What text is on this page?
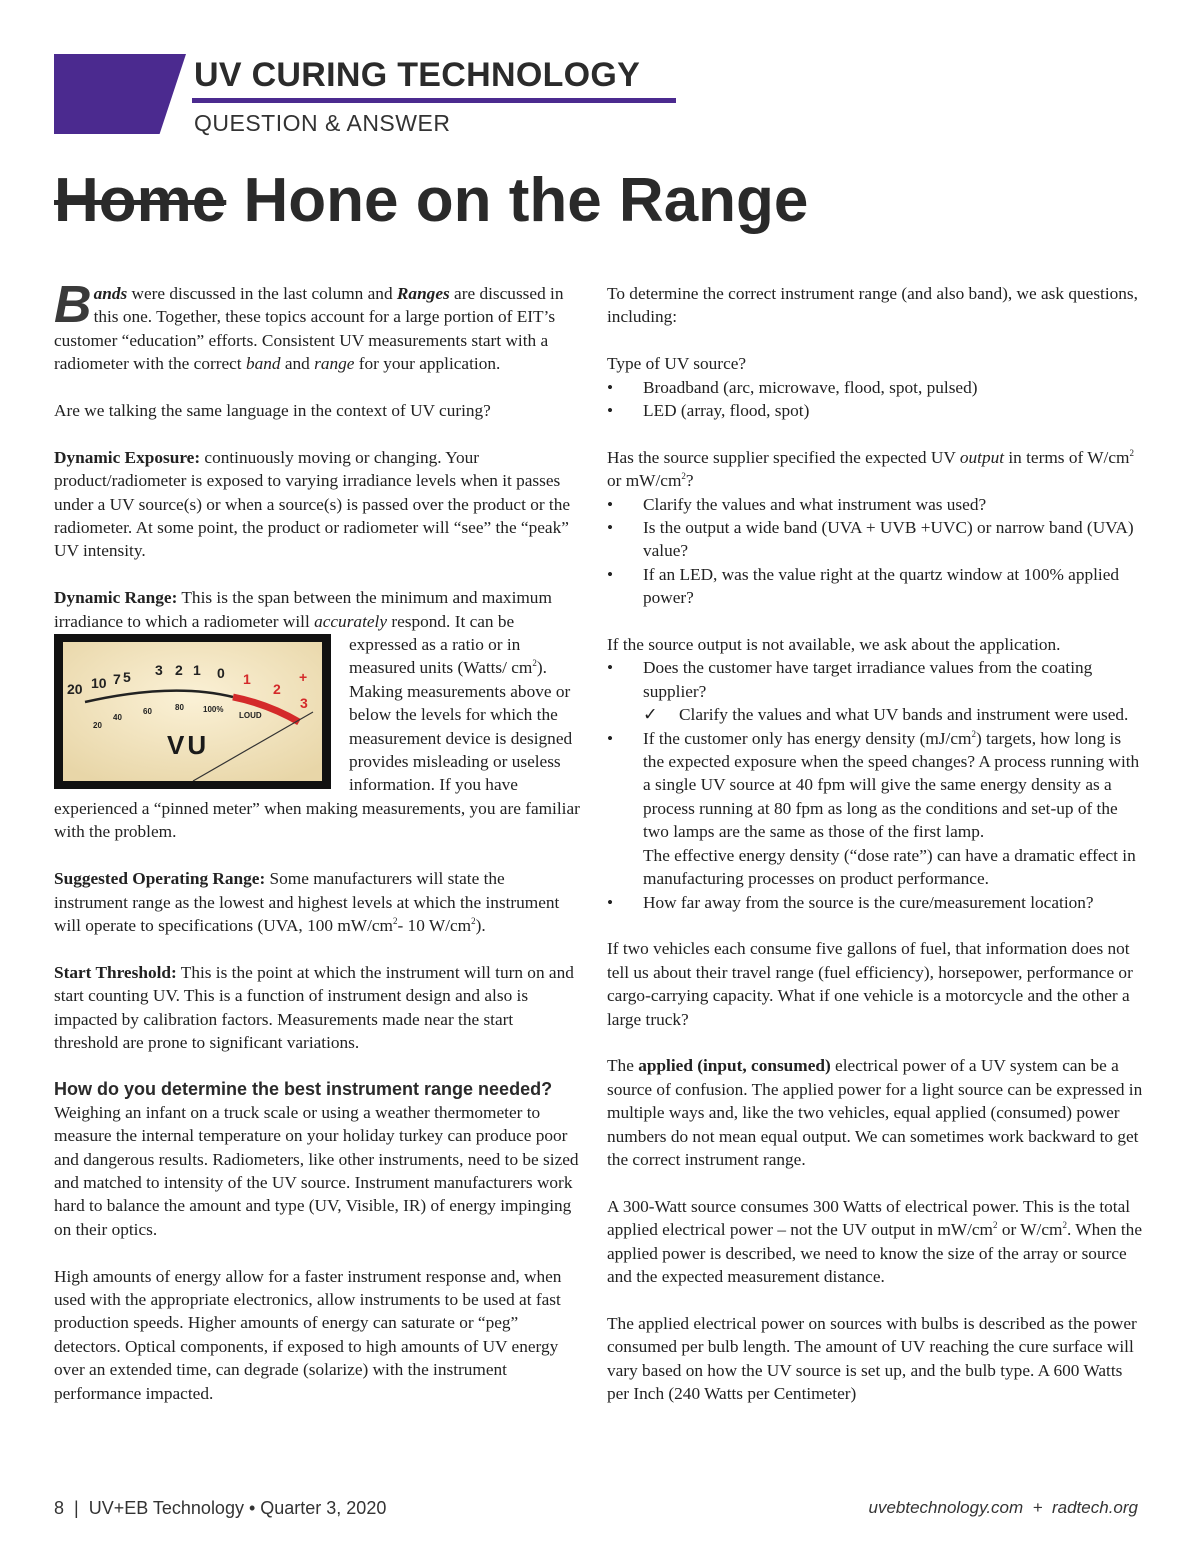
UV CURING TECHNOLOGY
QUESTION & ANSWER
Home Hone on the Range

Bands were discussed in the last column and Ranges are discussed in this one. Together, these topics account for a large portion of EIT’s customer “education” efforts. Consistent UV measurements start with a radiometer with the correct band and range for your application.

Are we talking the same language in the context of UV curing?

Dynamic Exposure: continuously moving or changing. Your product/radiometer is exposed to varying irradiance levels when it passes under a UV source(s) or when a source(s) is passed over the product or the radiometer. At some point, the product or radiometer will “see” the “peak” UV intensity.

Dynamic Range: This is the span between the minimum and maximum irradiance to which a radiometer will accurately
20 10 7 5 3 2 1 0 1
2
+
3
20
40
60	80 100%
LOUD
VU
respond. It can be expressed as a ratio or in measured units (Watts/ $cm^2$). Making measurements above or below the levels for which the measurement device is designed provides misleading or useless information. If you have experienced a “pinned meter” when making measurements, you are familiar with the problem.

Suggested Operating Range: Some manufacturers will state the instrument range as the lowest and highest levels at which the instrument will operate to specifications (UVA, 100 $mW/cm^2-$ 10 $W/cm^2$).

Start Threshold: This is the point at which the instrument will turn on and start counting UV. This is a function of instrument design and also is impacted by calibration factors. Measurements made near the start threshold are prone to significant variations.

How do you determine the best instrument range needed?

Weighing an infant on a truck scale or using a weather thermometer to measure the internal temperature on your holiday turkey can produce poor and dangerous results. Radiometers, like other instruments, need to be sized and matched to intensity of the UV source. Instrument manufacturers work hard to balance the amount and type (UV, Visible, IR) of energy impinging on their optics.

High amounts of energy allow for a faster instrument response and, when used with the appropriate electronics, allow instruments to be used at fast production speeds. Higher amounts of energy can saturate or “peg” detectors. Optical components, if exposed to high amounts of UV energy over an extended time, can degrade (solarize) with the instrument performance impacted.

To determine the correct instrument range (and also band), we ask questions, including:

Type of UV source?
• Broadband (arc, microwave, flood, spot, pulsed)
• LED (array, flood, spot)
Has the source supplier specified the expected UV output in terms of $W/cm^2$ or $mW/cm^2$?
• Clarify the values and what instrument was used?
• Is the output a wide band (UVA + UVB +UVC) or narrow band (UVA) value?
• If an LED, was the value right at the quartz window at 100% applied power?
If the source output is not available, we ask about the application.
• Does the customer have target irradiance values from the coating supplier?
✓ Clarify the values and what UV bands and instrument were used.
• If the customer only has energy density $(mJ/cm^2)$ targets, how long is the expected exposure when the speed changes? A process running with a single UV source at 40 fpm will give the same energy density as a process running at 80 fpm as long as the conditions and set-up of the two lamps are the same as those of the first lamp.
The effective energy density (“dose rate”) can have a dramatic effect in manufacturing processes on product performance.
• How far away from the source is the cure/measurement location?

If two vehicles each consume five gallons of fuel, that information does not tell us about their travel range (fuel efficiency), horsepower, performance or cargo-carrying capacity. What if one vehicle is a motorcycle and the other a large truck?

The applied (input, consumed) electrical power of a UV system can be a source of confusion. The applied power for a light source can be expressed in multiple ways and, like the two vehicles, equal applied (consumed) power numbers do not mean equal output. We can sometimes work backward to get the correct instrument range.

A 300-Watt source consumes 300 Watts of electrical power. This is the total applied electrical power – not the UV output in $mW/cm^2$ or $W/cm^2$. When the applied power is described, we need to know the size of the array or source and the expected measurement distance.

The applied electrical power on sources with bulbs is described as the power consumed per bulb length. The amount of UV reaching the cure surface will vary based on how the UV source is set up, and the bulb type. A 600 Watts per Inch (240 Watts per Centimeter)

8  |  UV+EB Technology • Quarter 3, 2020	uvebtechnology.com  +  radtech.org
